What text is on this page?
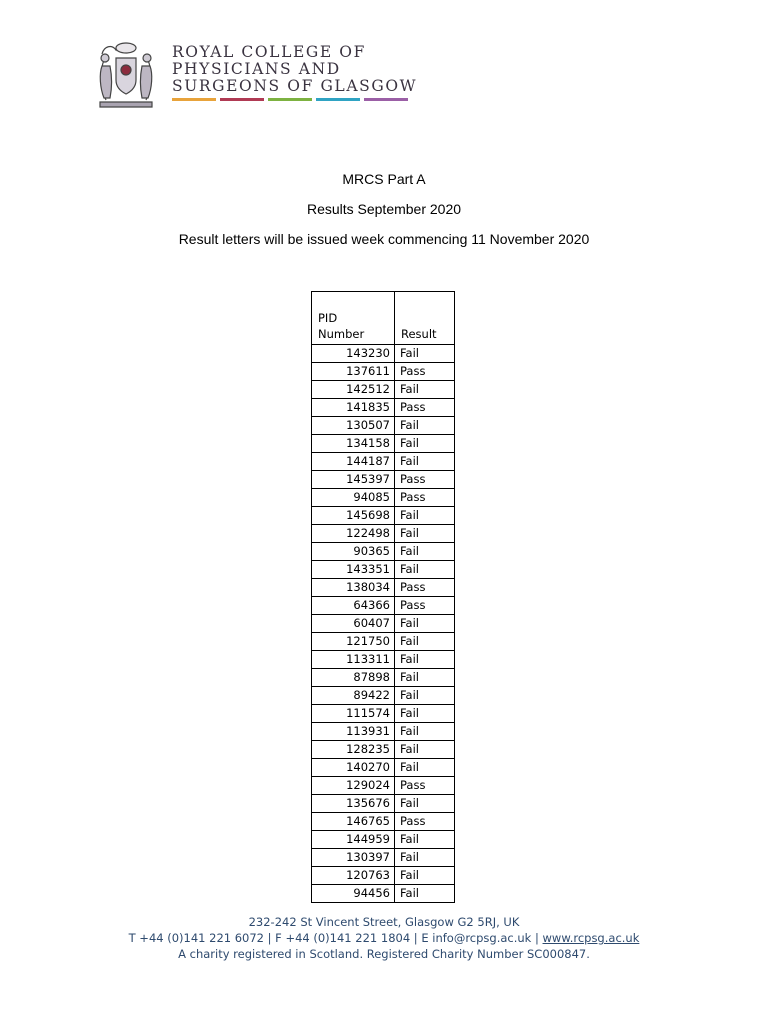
ROYAL COLLEGE OF
PHYSICIANS AND
SURGEONS OF GLASGOW
MRCS Part A
Results September 2020
Result letters will be issued week commencing 11 November 2020
PID
Number	Result
143230	Fail
137611	Pass
142512	Fail
141835	Pass
130507	Fail
134158	Fail
144187	Fail
145397	Pass
94085	Pass
145698	Fail
122498	Fail
90365	Fail
143351	Fail
138034	Pass
64366	Pass
60407	Fail
121750	Fail
113311	Fail
87898	Fail
89422	Fail
111574	Fail
113931	Fail
128235	Fail
140270	Fail
129024	Pass
135676	Fail
146765	Pass
144959	Fail
130397	Fail
120763	Fail
94456	Fail
232-242 St Vincent Street, Glasgow G2 5RJ, UK
T +44 (0)141 221 6072 | F +44 (0)141 221 1804 | E info@rcpsg.ac.uk | www.rcpsg.ac.uk
A charity registered in Scotland. Registered Charity Number SC000847.
